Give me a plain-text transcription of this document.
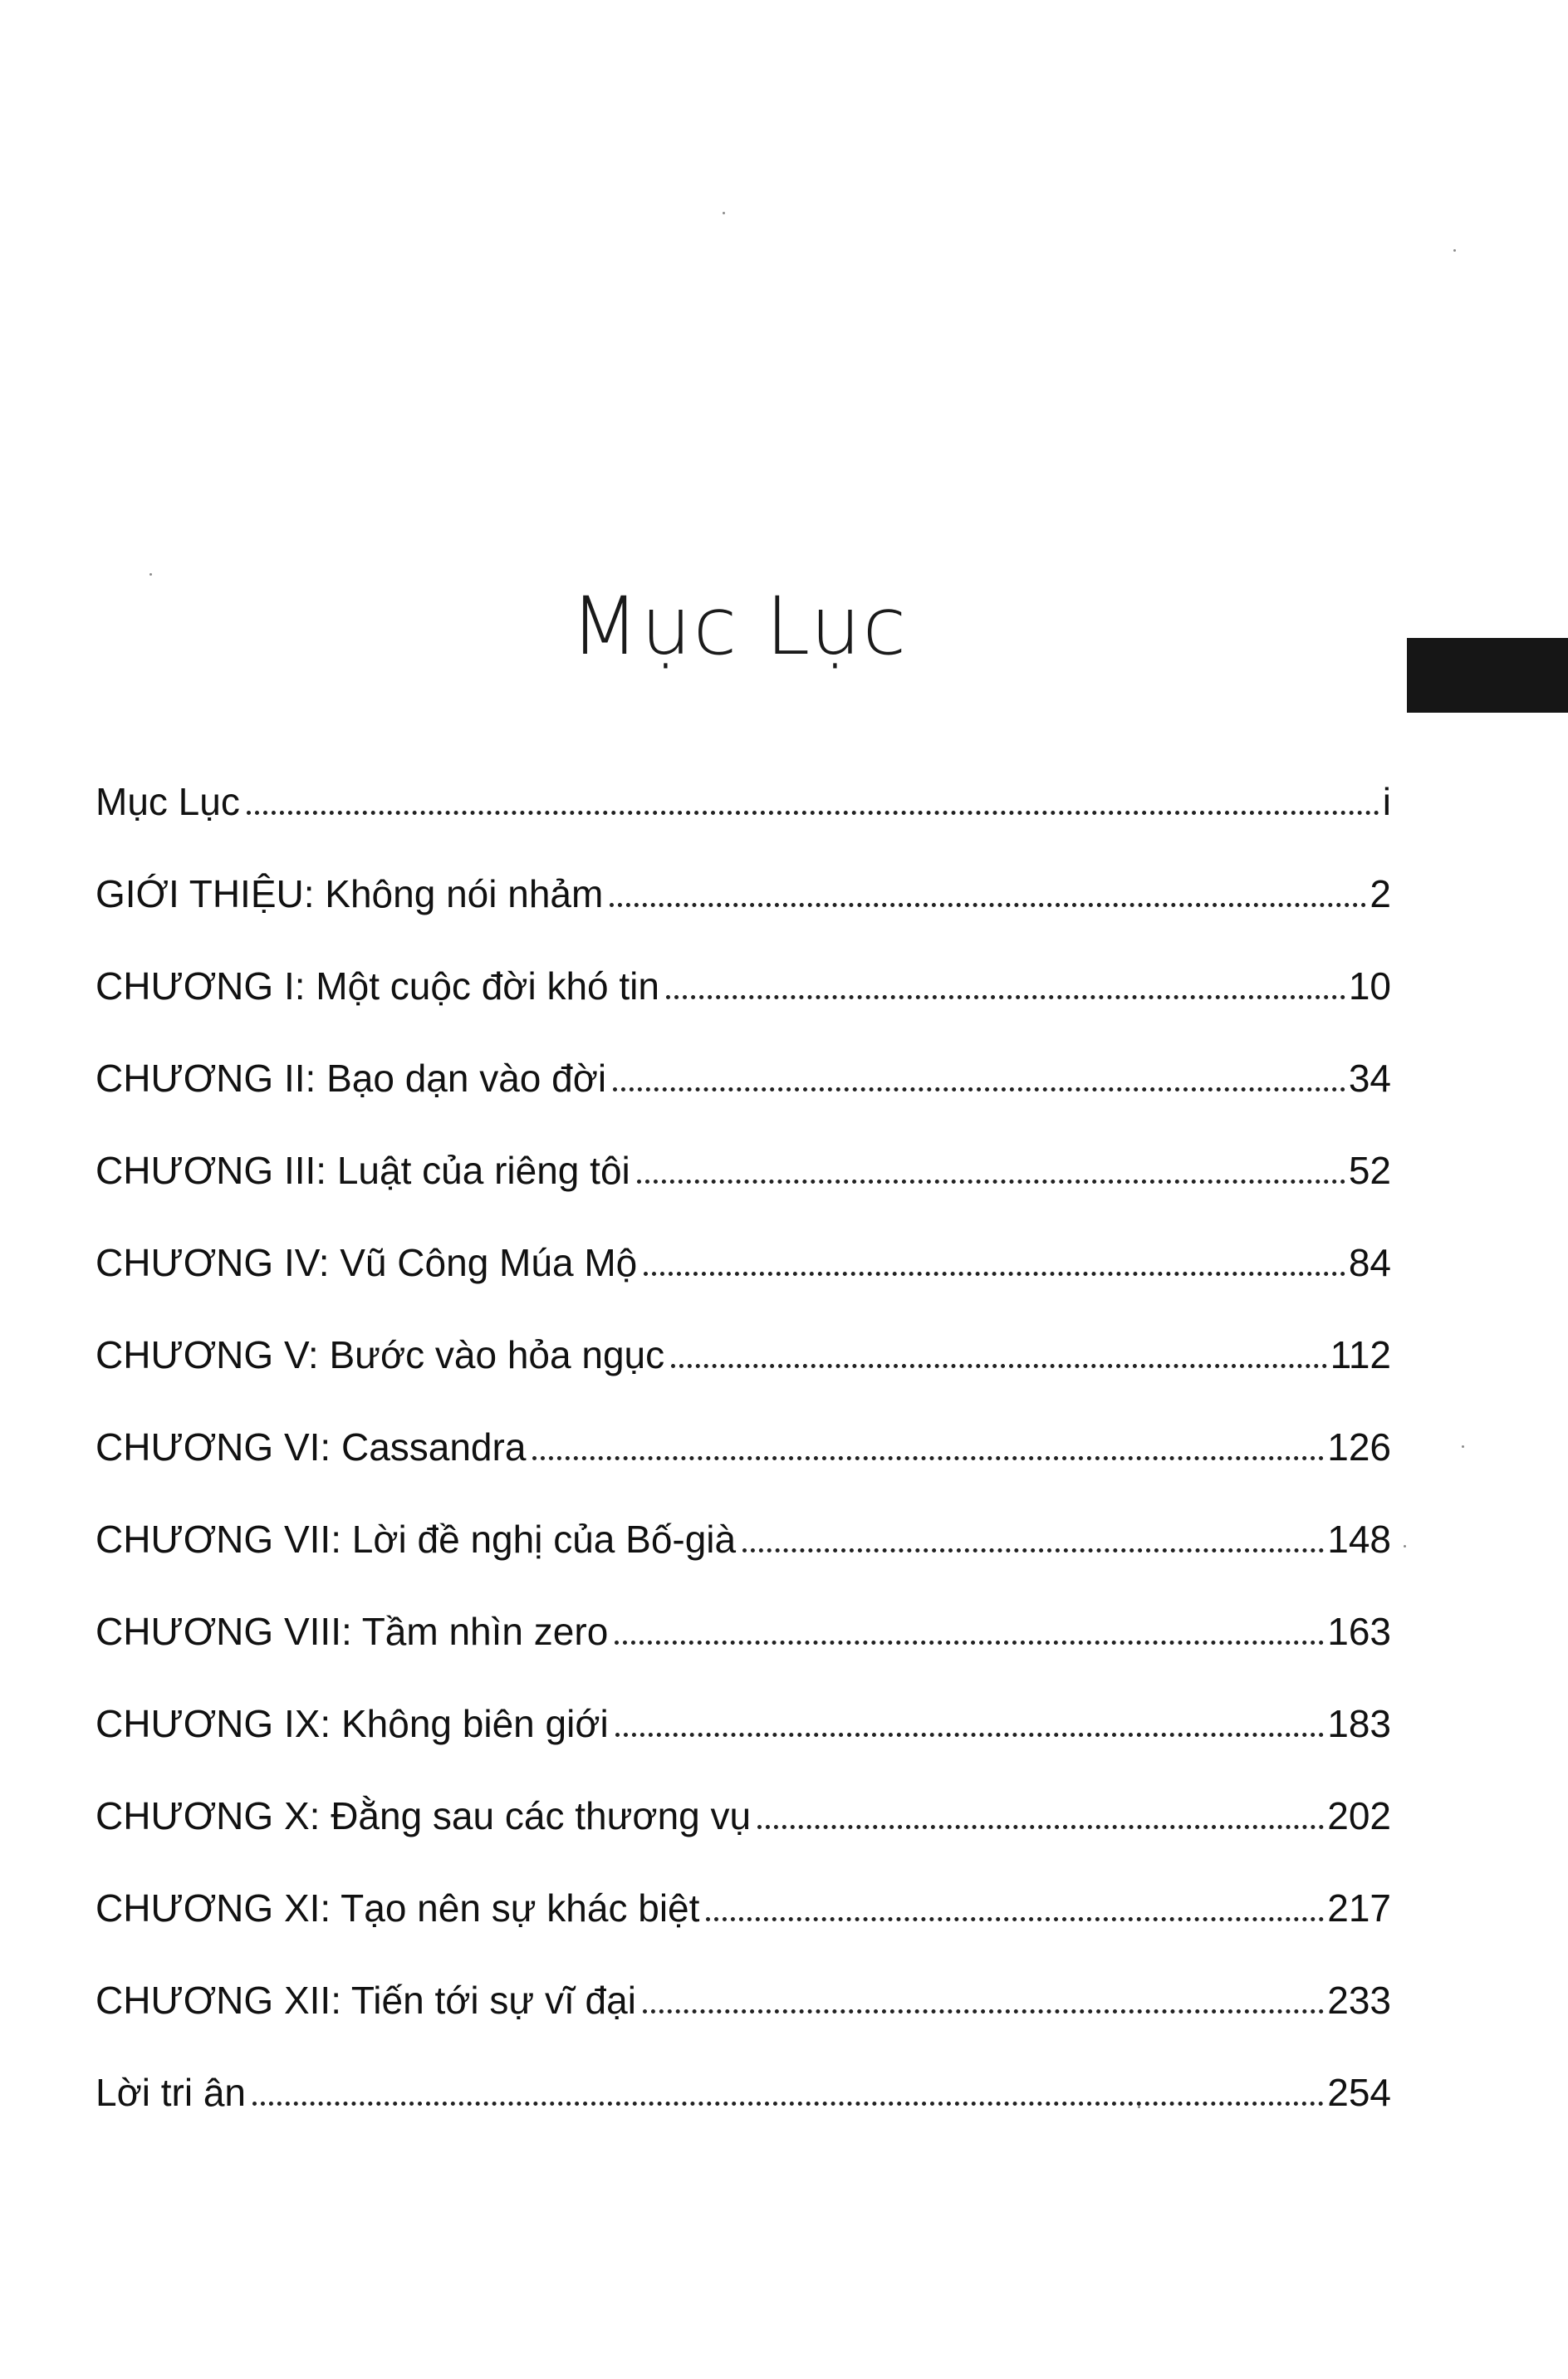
Mục Lục
Mục Lục	i
GIỚI THIỆU: Không nói nhảm	2
CHƯƠNG I: Một cuộc đời khó tin	10
CHƯƠNG II: Bạo dạn vào đời	34
CHƯƠNG III: Luật của riêng tôi	52
CHƯƠNG IV: Vũ Công Múa Mộ	84
CHƯƠNG V: Bước vào hỏa ngục	112
CHƯƠNG VI: Cassandra	126
CHƯƠNG VII: Lời đề nghị của Bố-già	148
CHƯƠNG VIII: Tầm nhìn zero	163
CHƯƠNG IX: Không biên giới	183
CHƯƠNG X: Đằng sau các thương vụ	202
CHƯƠNG XI: Tạo nên sự khác biệt	217
CHƯƠNG XII: Tiến tới sự vĩ đại	233
Lời tri ân	254
